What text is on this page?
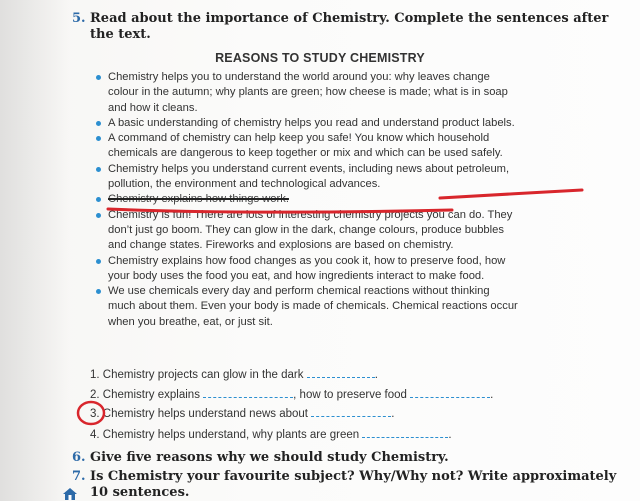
5. Read about the importance of Chemistry. Complete the sentences after
the text.
REASONS TO STUDY CHEMISTRY
Chemistry helps you to understand the world around you: why leaves change
colour in the autumn; why plants are green; how cheese is made; what is in soap
and how it cleans.
A basic understanding of chemistry helps you read and understand product labels.
A command of chemistry can help keep you safe! You know which household
chemicals are dangerous to keep together or mix and which can be used safely.
Chemistry helps you understand current events, including news about petroleum,
pollution, the environment and technological advances.
Chemistry explains how things work.
Chemistry is fun! There are lots of interesting chemistry projects you can do. They
don’t just go boom. They can glow in the dark, change colours, produce bubbles
and change states. Fireworks and explosions are based on chemistry.
Chemistry explains how food changes as you cook it, how to preserve food, how
your body uses the food you eat, and how ingredients interact to make food.
We use chemicals every day and perform chemical reactions without thinking
much about them. Even your body is made of chemicals. Chemical reactions occur
when you breathe, eat, or just sit.
1. Chemistry projects can glow in the dark	.
2. Chemistry explains	, how to preserve food	.
3. Chemistry helps understand news about	.
4. Chemistry helps understand, why plants are green	.
6. Give five reasons why we should study Chemistry.
7. Is Chemistry your favourite subject? Why/Why not? Write approximately
10 sentences.
